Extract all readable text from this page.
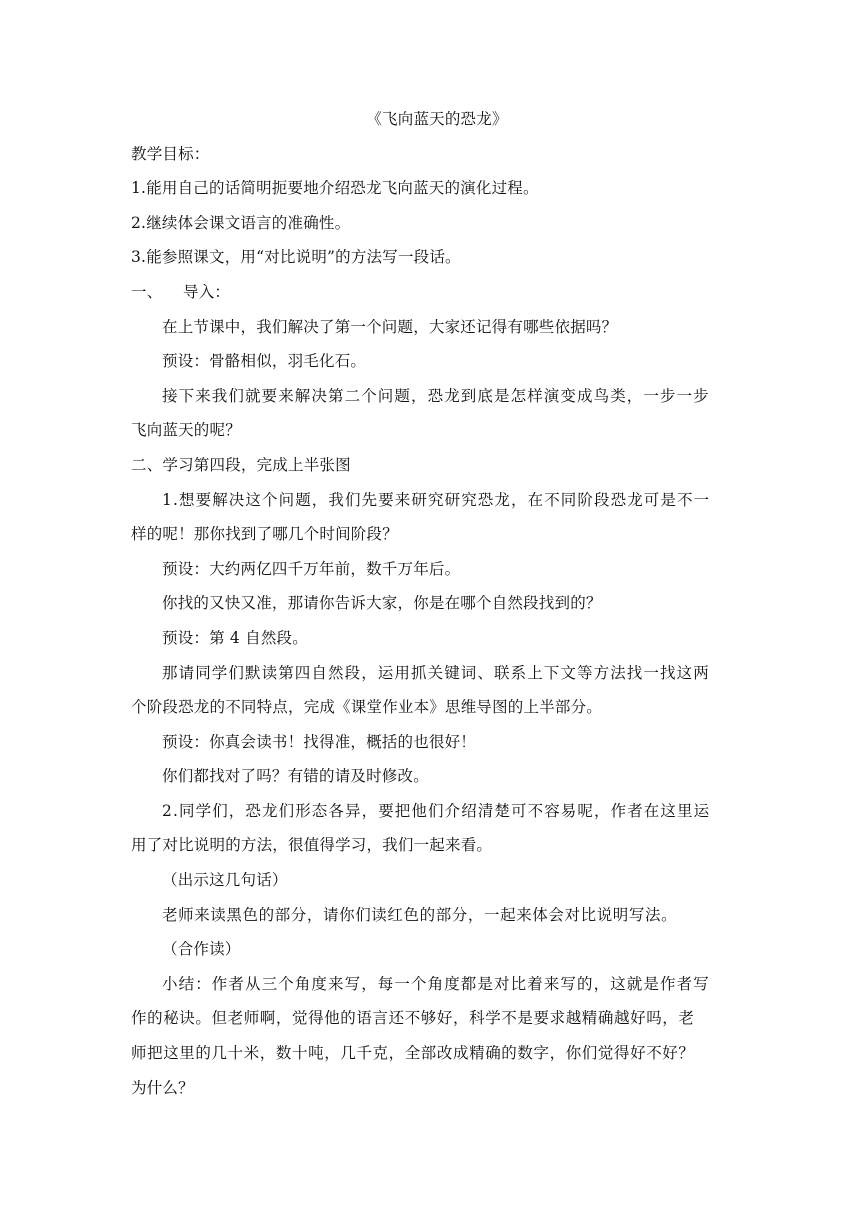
《飞向蓝天的恐龙》
教学目标：
1.能用自己的话简明扼要地介绍恐龙飞向蓝天的演化过程。
2.继续体会课文语言的准确性。
3.能参照课文，用“对比说明”的方法写一段话。
一、 导入：
在上节课中，我们解决了第一个问题，大家还记得有哪些依据吗？
预设：骨骼相似，羽毛化石。
接下来我们就要来解决第二个问题，恐龙到底是怎样演变成鸟类，一步一步
飞向蓝天的呢？
二、学习第四段，完成上半张图
1.想要解决这个问题，我们先要来研究研究恐龙，在不同阶段恐龙可是不一
样的呢！那你找到了哪几个时间阶段？
预设：大约两亿四千万年前，数千万年后。
你找的又快又准，那请你告诉大家，你是在哪个自然段找到的？
预设：第 4 自然段。
那请同学们默读第四自然段，运用抓关键词、联系上下文等方法找一找这两
个阶段恐龙的不同特点，完成《课堂作业本》思维导图的上半部分。
预设：你真会读书！找得准，概括的也很好！
你们都找对了吗？有错的请及时修改。
2.同学们，恐龙们形态各异，要把他们介绍清楚可不容易呢，作者在这里运
用了对比说明的方法，很值得学习，我们一起来看。
（出示这几句话）
老师来读黑色的部分，请你们读红色的部分，一起来体会对比说明写法。
（合作读）
小结：作者从三个角度来写，每一个角度都是对比着来写的，这就是作者写
作的秘诀。但老师啊，觉得他的语言还不够好，科学不是要求越精确越好吗，老
师把这里的几十米，数十吨，几千克，全部改成精确的数字，你们觉得好不好？
为什么？
